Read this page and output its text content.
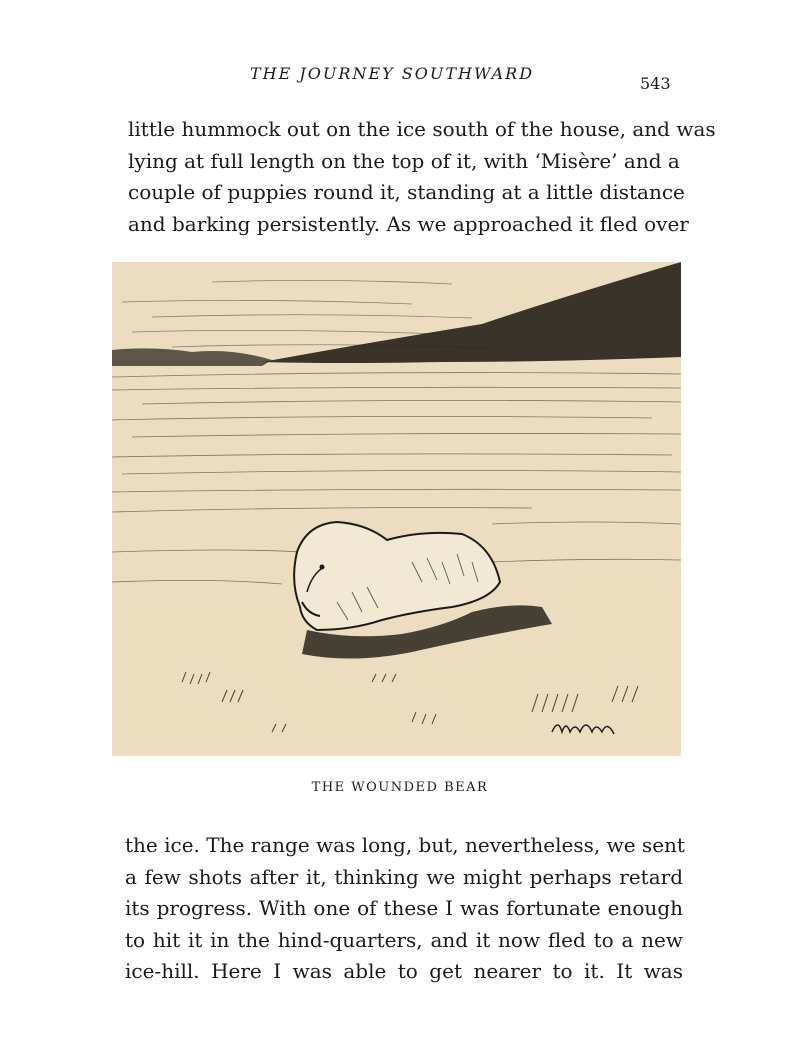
THE JOURNEY SOUTHWARD
543
little hummock out on the ice south of the house, and was
lying at full length on the top of it, with ‘Misère’ and a
couple of puppies round it, standing at a little distance
and barking persistently. As we approached it fled over
THE WOUNDED BEAR
the ice. The range was long, but, nevertheless, we sent
a few shots after it, thinking we might perhaps retard
its progress. With one of these I was fortunate enough
to hit it in the hind-quarters, and it now fled to a new
ice-hill. Here I was able to get nearer to it. It was
